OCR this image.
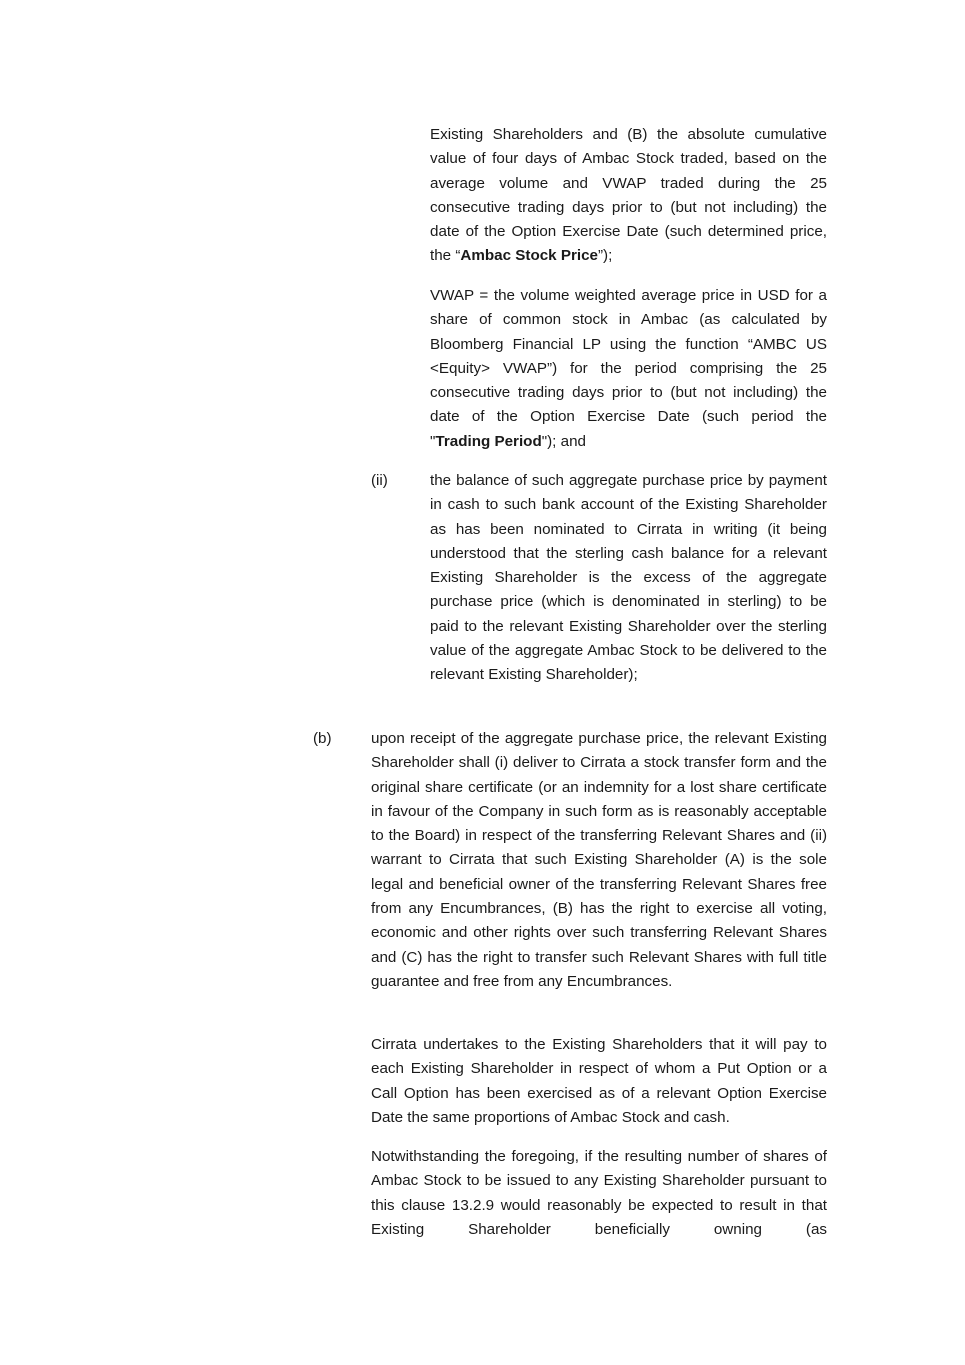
Existing Shareholders and (B) the absolute cumulative value of four days of Ambac Stock traded, based on the average volume and VWAP traded during the 25 consecutive trading days prior to (but not including) the date of the Option Exercise Date (such determined price, the “Ambac Stock Price”);

VWAP = the volume weighted average price in USD for a share of common stock in Ambac (as calculated by Bloomberg Financial LP using the function “AMBC US <Equity> VWAP”) for the period comprising the 25 consecutive trading days prior to (but not including) the date of the Option Exercise Date (such period the "Trading Period"); and

(ii)	the balance of such aggregate purchase price by payment in cash to such bank account of the Existing Shareholder as has been nominated to Cirrata in writing (it being understood that the sterling cash balance for a relevant Existing Shareholder is the excess of the aggregate purchase price (which is denominated in sterling) to be paid to the relevant Existing Shareholder over the sterling value of the aggregate Ambac Stock to be delivered to the relevant Existing Shareholder);

(b)	upon receipt of the aggregate purchase price, the relevant Existing Shareholder shall (i) deliver to Cirrata a stock transfer form and the original share certificate (or an indemnity for a lost share certificate in favour of the Company in such form as is reasonably acceptable to the Board) in respect of the transferring Relevant Shares and (ii) warrant to Cirrata that such Existing Shareholder (A) is the sole legal and beneficial owner of the transferring Relevant Shares free from any Encumbrances, (B) has the right to exercise all voting, economic and other rights over such transferring Relevant Shares and (C) has the right to transfer such Relevant Shares with full title guarantee and free from any Encumbrances.

Cirrata undertakes to the Existing Shareholders that it will pay to each Existing Shareholder in respect of whom a Put Option or a Call Option has been exercised as of a relevant Option Exercise Date the same proportions of Ambac Stock and cash.

Notwithstanding the foregoing, if the resulting number of shares of Ambac Stock to be issued to any Existing Shareholder pursuant to this clause 13.2.9 would reasonably be expected to result in that Existing Shareholder beneficially owning (as
